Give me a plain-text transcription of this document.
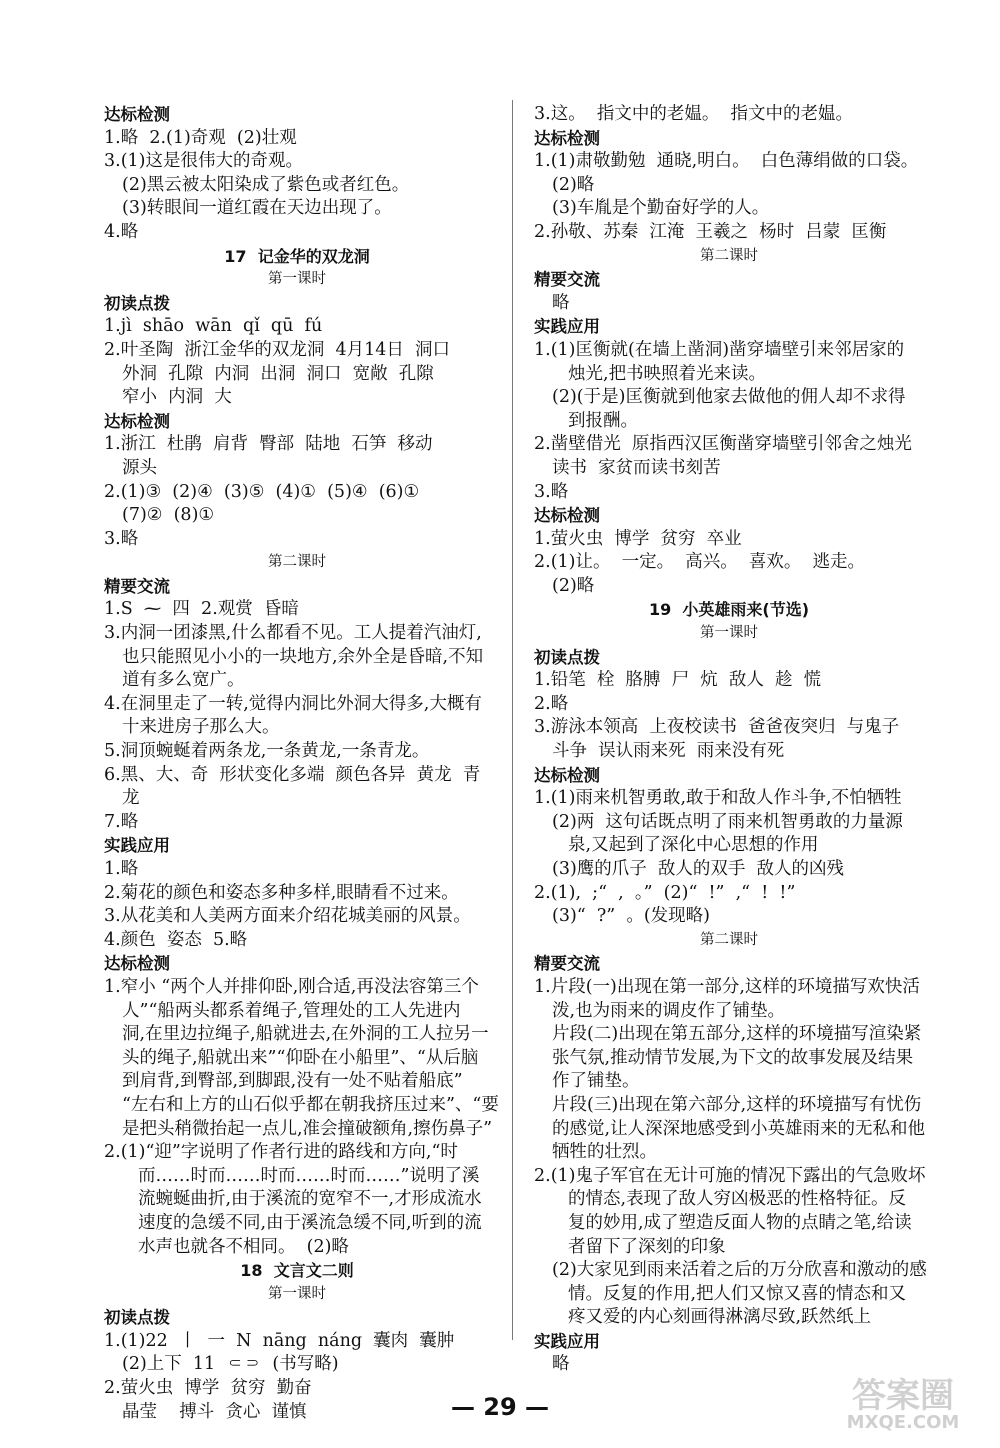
达标检测
1.略  2.(1)奇观  (2)壮观
3.(1)这是很伟大的奇观。
(2)黑云被太阳染成了紫色或者红色。
(3)转眼间一道红霞在天边出现了。
4.略
17  记金华的双龙洞
第一课时
初读点拨
1.jì  shāo  wān  qǐ  qū  fú
2.叶圣陶  浙江金华的双龙洞  4月14日  洞口
外洞  孔隙  内洞  出洞  洞口  宽敞  孔隙
窄小  内洞  大
达标检测
1.浙江  杜鹃  肩背  臀部  陆地  石笋  移动
源头
2.(1)③  (2)④  (3)⑤  (4)①  (5)④  (6)①
(7)②  (8)①
3.略
第二课时
精要交流
1.S  ⁓  四  2.观赏  昏暗
3.内洞一团漆黑,什么都看不见。工人提着汽油灯,
也只能照见小小的一块地方,余外全是昏暗,不知
道有多么宽广。
4.在洞里走了一转,觉得内洞比外洞大得多,大概有
十来进房子那么大。
5.洞顶蜿蜒着两条龙,一条黄龙,一条青龙。
6.黑、大、奇  形状变化多端  颜色各异  黄龙  青
龙
7.略
实践应用
1.略
2.菊花的颜色和姿态多种多样,眼睛看不过来。
3.从花美和人美两方面来介绍花城美丽的风景。
4.颜色  姿态  5.略
达标检测
1.窄小 “两个人并排仰卧,刚合适,再没法容第三个
人”“船两头都系着绳子,管理处的工人先进内
洞,在里边拉绳子,船就进去,在外洞的工人拉另一
头的绳子,船就出来”“仰卧在小船里”、“从后脑
到肩背,到臀部,到脚跟,没有一处不贴着船底”
“左右和上方的山石似乎都在朝我挤压过来”、“要
是把头稍微抬起一点儿,准会撞破额角,擦伤鼻子”
2.(1)“迎”字说明了作者行进的路线和方向,“时
而……时而……时而……时而……”说明了溪
流蜿蜒曲折,由于溪流的宽窄不一,才形成流水
速度的急缓不同,由于溪流急缓不同,听到的流
水声也就各不相同。  (2)略
18  文言文二则
第一课时
初读点拨
1.(1)22  丨  一  N  nāng  náng  囊肉  囊肿
(2)上下  11  ⸦⸧  (书写略)
2.萤火虫  博学  贫穷  勤奋
晶莹    搏斗  贪心  谨慎
3.这。  指文中的老媪。  指文中的老媪。
达标检测
1.(1)肃敬勤勉  通晓,明白。  白色薄绢做的口袋。
(2)略
(3)车胤是个勤奋好学的人。
2.孙敬、苏秦  江淹  王羲之  杨时  吕蒙  匡衡
第二课时
精要交流
略
实践应用
1.(1)匡衡就(在墙上凿洞)凿穿墙壁引来邻居家的
烛光,把书映照着光来读。
(2)(于是)匡衡就到他家去做他的佣人却不求得
到报酬。
2.凿壁借光  原指西汉匡衡凿穿墙壁引邻舍之烛光
读书  家贫而读书刻苦
3.略
达标检测
1.萤火虫  博学  贫穷  卒业
2.(1)让。  一定。  高兴。  喜欢。  逃走。
(2)略
19  小英雄雨来(节选)
第一课时
初读点拨
1.铅笔  栓  胳膊  尸  炕  敌人  趁  慌
2.略
3.游泳本领高  上夜校读书  爸爸夜突归  与鬼子
斗争  误认雨来死  雨来没有死
达标检测
1.(1)雨来机智勇敢,敢于和敌人作斗争,不怕牺牲
(2)两  这句话既点明了雨来机智勇敢的力量源
泉,又起到了深化中心思想的作用
(3)鹰的爪子  敌人的双手  敌人的凶残
2.(1),  ;“  ,  。”  (2)“  !”  ,“  !  !”
(3)“  ?”  。(发现略)
第二课时
精要交流
1.片段(一)出现在第一部分,这样的环境描写欢快活
泼,也为雨来的调皮作了铺垫。
片段(二)出现在第五部分,这样的环境描写渲染紧
张气氛,推动情节发展,为下文的故事发展及结果
作了铺垫。
片段(三)出现在第六部分,这样的环境描写有忧伤
的感觉,让人深深地感受到小英雄雨来的无私和他
牺牲的壮烈。
2.(1)鬼子军官在无计可施的情况下露出的气急败坏
的情态,表现了敌人穷凶极恶的性格特征。反
复的妙用,成了塑造反面人物的点睛之笔,给读
者留下了深刻的印象
(2)大家见到雨来活着之后的万分欣喜和激动的感
情。反复的作用,把人们又惊又喜的情态和又
疼又爱的内心刻画得淋漓尽致,跃然纸上
实践应用
略
— 29 —	答案圈
MXQE.COM
